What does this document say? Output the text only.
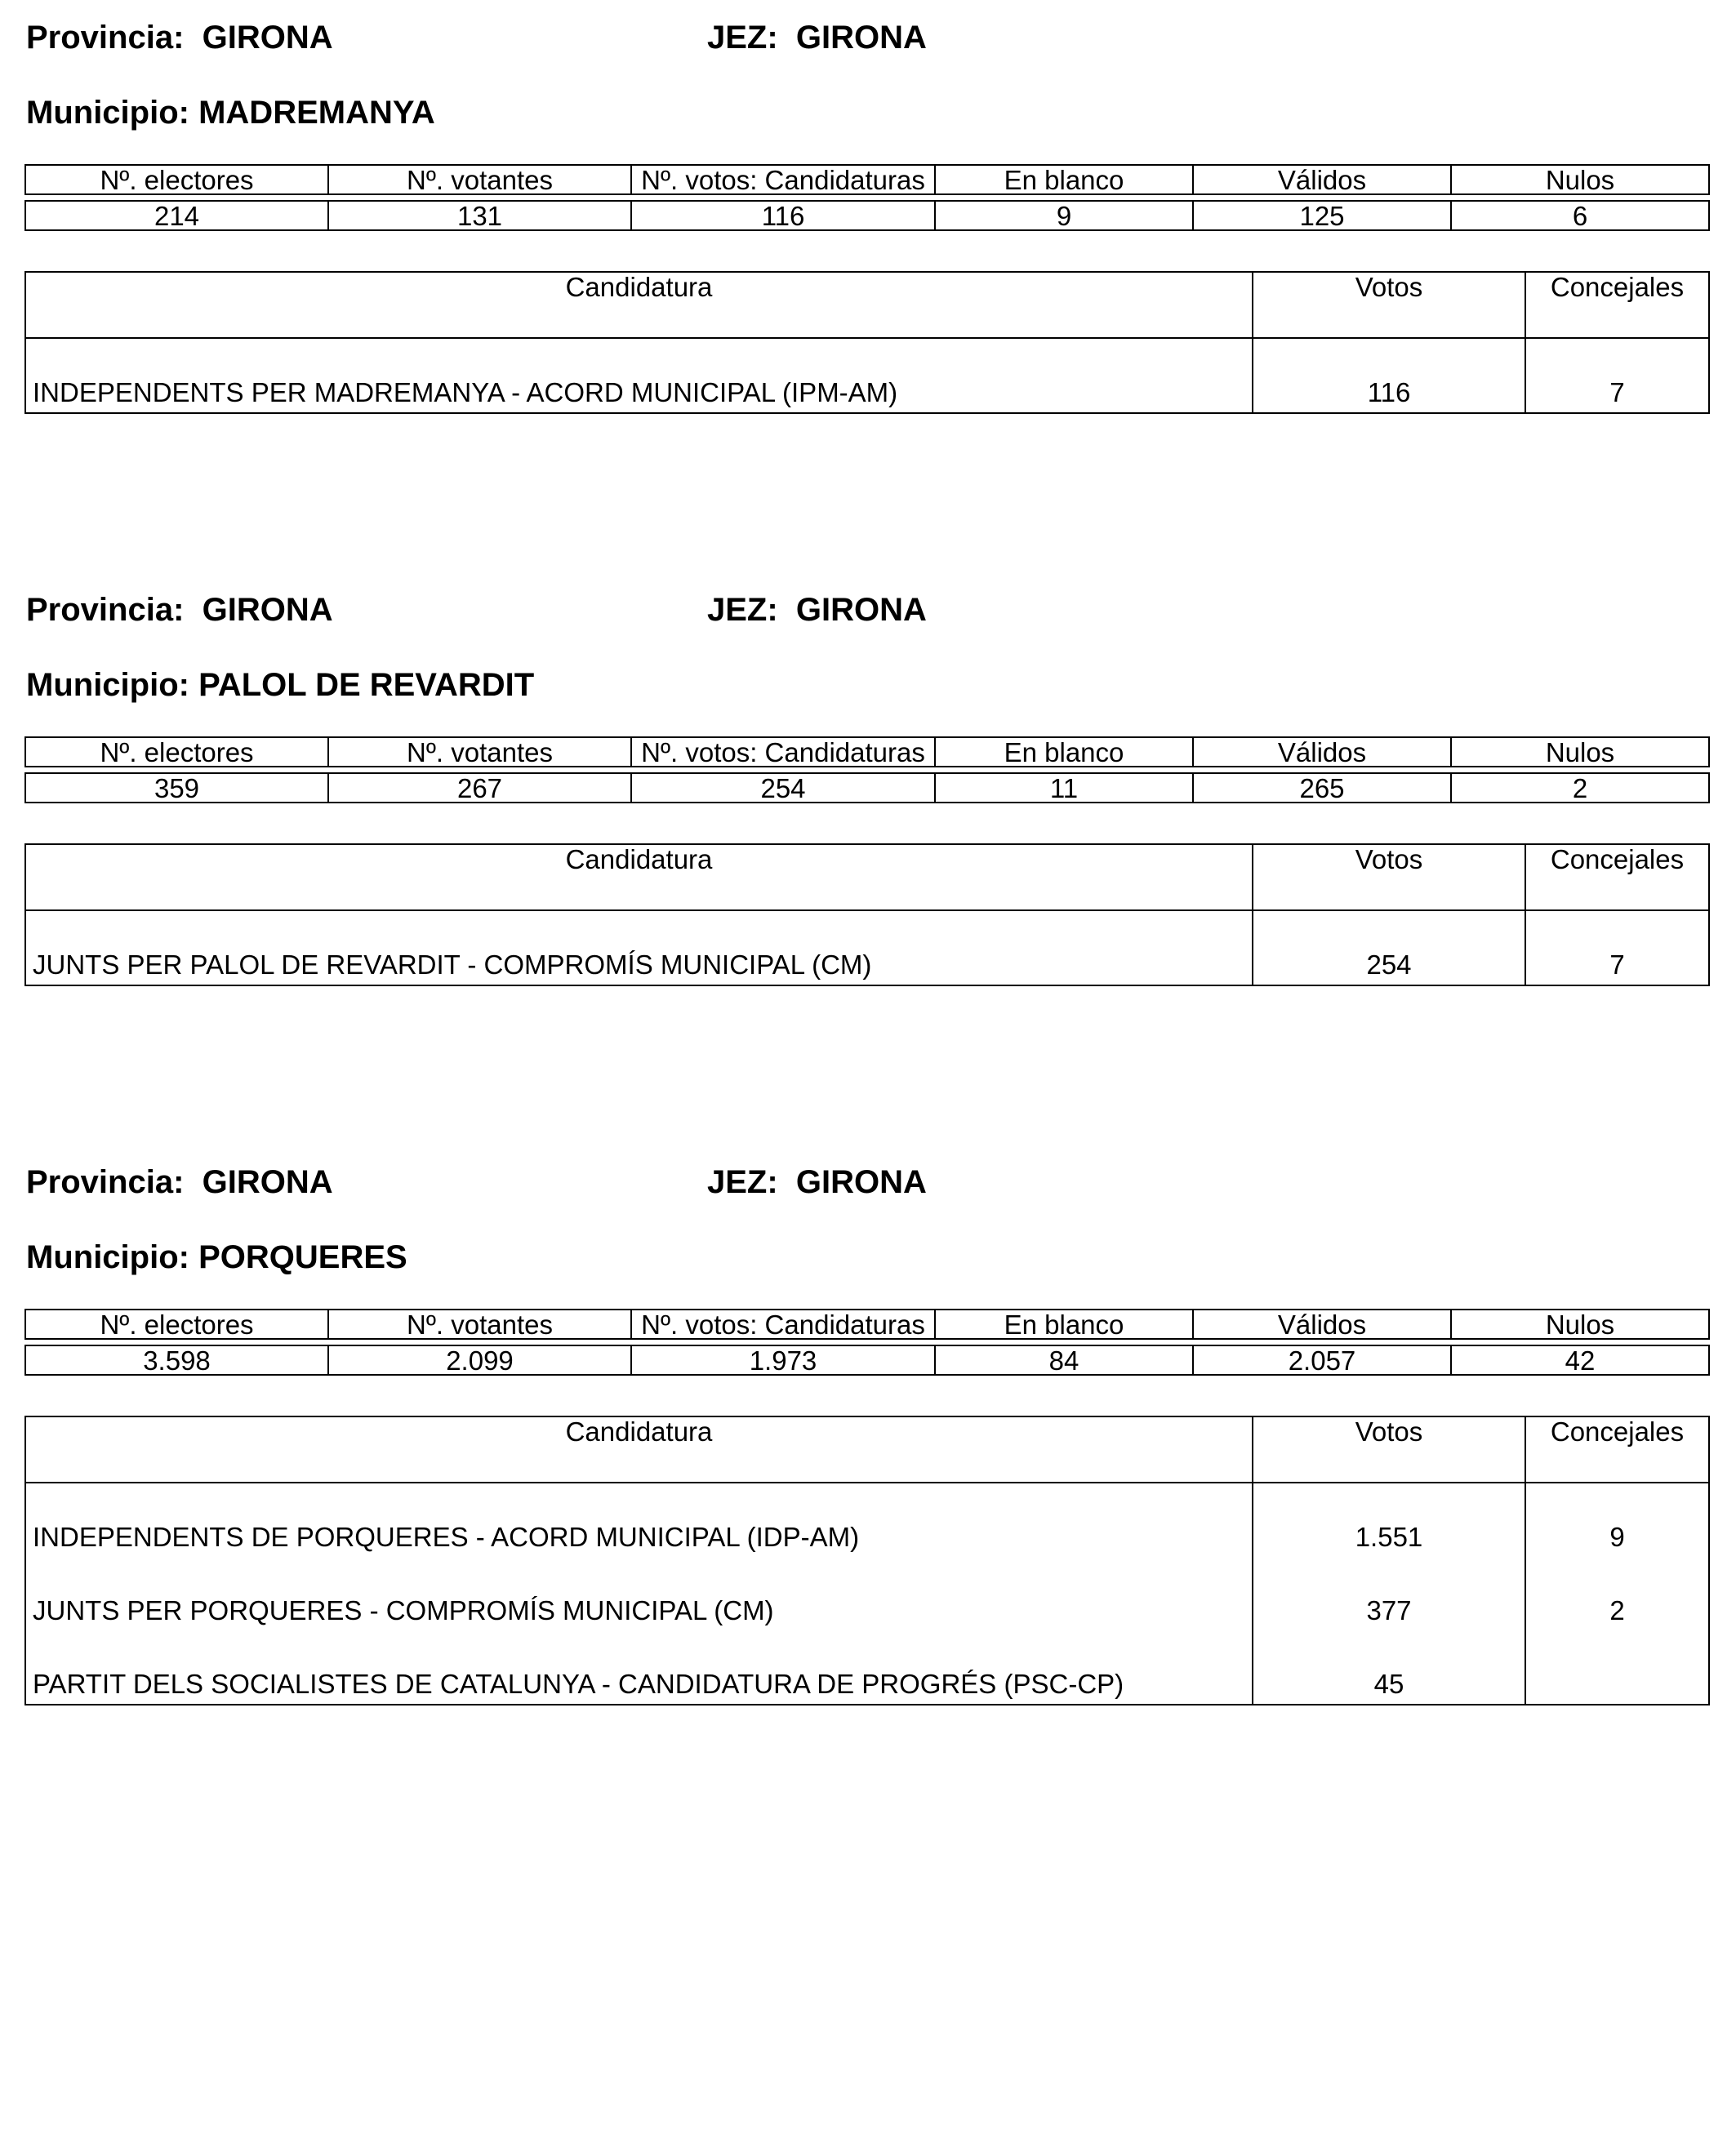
Provincia: GIRONA	JEZ: GIRONA
Municipio: MADREMANYA
Nº. electores	Nº. votantes	Nº. votos: Candidaturas	En blanco	Válidos	Nulos

214	131	116	9	125	6
Candidatura	Votos	Concejales
INDEPENDENTS PER MADREMANYA - ACORD MUNICIPAL (IPM-AM)	116	7
Provincia: GIRONA	JEZ: GIRONA
Municipio: PALOL DE REVARDIT
Nº. electores	Nº. votantes	Nº. votos: Candidaturas	En blanco	Válidos	Nulos

359	267	254	11	265	2
Candidatura	Votos	Concejales
JUNTS PER PALOL DE REVARDIT - COMPROMÍS MUNICIPAL (CM)	254	7
Provincia: GIRONA	JEZ: GIRONA
Municipio: PORQUERES
Nº. electores	Nº. votantes	Nº. votos: Candidaturas	En blanco	Válidos	Nulos

3.598	2.099	1.973	84	2.057	42
Candidatura	Votos	Concejales
INDEPENDENTS DE PORQUERES - ACORD MUNICIPAL (IDP-AM)	1.551	9
JUNTS PER PORQUERES - COMPROMÍS MUNICIPAL (CM)	377	2
PARTIT DELS SOCIALISTES DE CATALUNYA - CANDIDATURA DE PROGRÉS (PSC-CP)	45	
